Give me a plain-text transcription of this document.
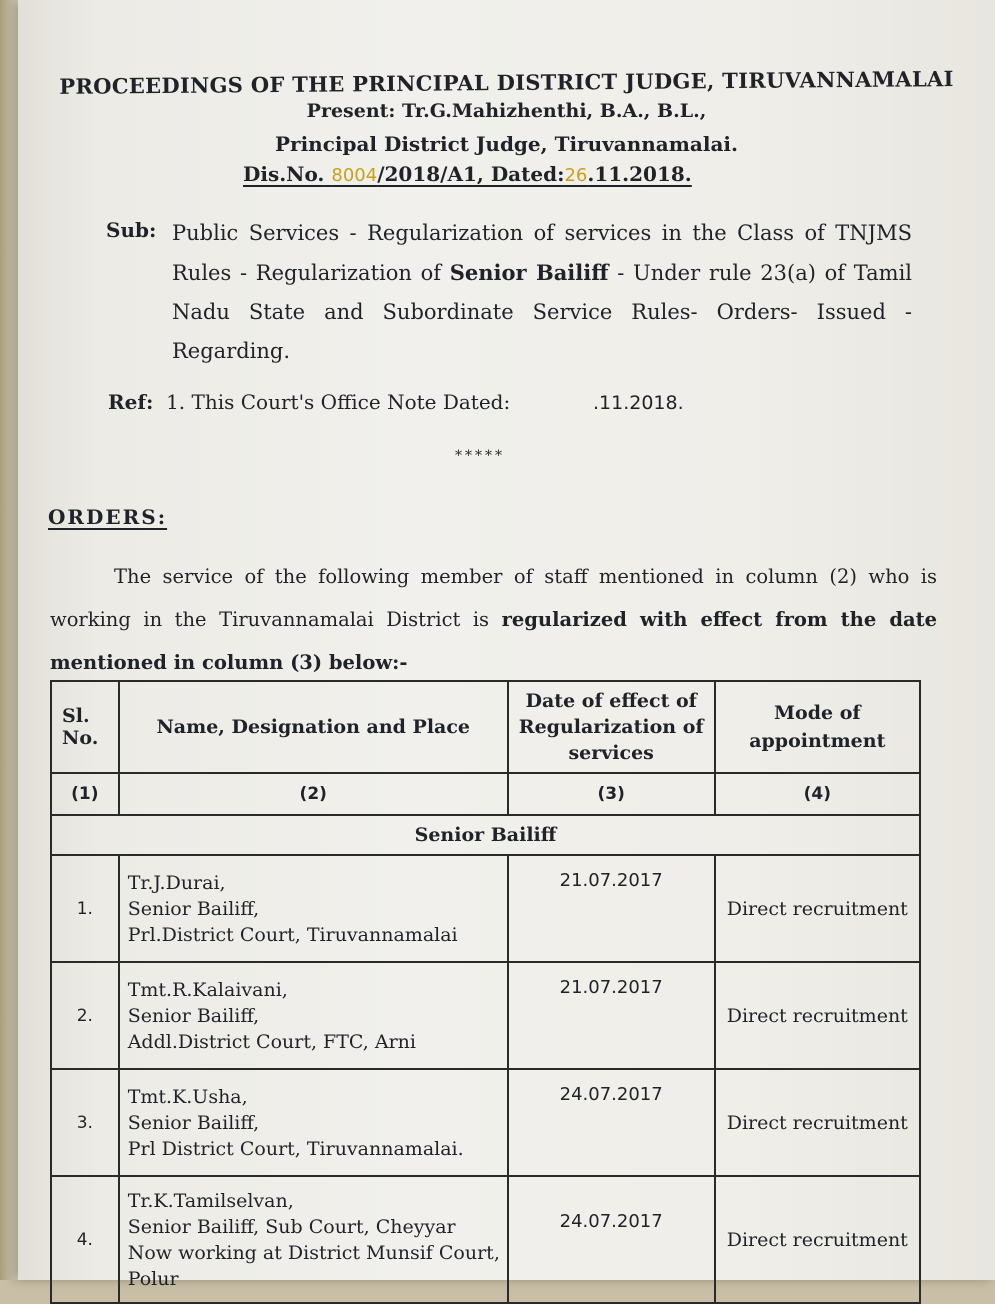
PROCEEDINGS OF THE PRINCIPAL DISTRICT JUDGE, TIRUVANNAMALAI
Present: Tr.G.Mahizhenthi, B.A., B.L.,
Principal District Judge, Tiruvannamalai.
Dis.No. 8004/2018/A1, Dated:26.11.2018.
Sub: Public Services - Regularization of services in the Class of TNJMS Rules - Regularization of Senior Bailiff - Under rule 23(a) of Tamil Nadu State and Subordinate Service Rules- Orders- Issued - Regarding.
Ref: 1. This Court's Office Note Dated:	.11.2018.
*****
ORDERS:
The service of the following member of staff mentioned in column (2) who is working in the Tiruvannamalai District is regularized with effect from the date mentioned in column (3) below:-
Sl.
No.	Name, Designation and Place	Date of effect of Regularization of services	Mode of appointment
(1)	(2)	(3)	(4)
Senior Bailiff			
1.	Tr.J.Durai,
Senior Bailiff,
Prl.District Court, Tiruvannamalai	21.07.2017	Direct recruitment
2.	Tmt.R.Kalaivani,
Senior Bailiff,
Addl.District Court, FTC, Arni	21.07.2017	Direct recruitment
3.	Tmt.K.Usha,
Senior Bailiff,
Prl District Court, Tiruvannamalai.	24.07.2017	Direct recruitment
4.	Tr.K.Tamilselvan,
Senior Bailiff, Sub Court, Cheyyar
Now working at District Munsif Court,
Polur	24.07.2017	Direct recruitment
